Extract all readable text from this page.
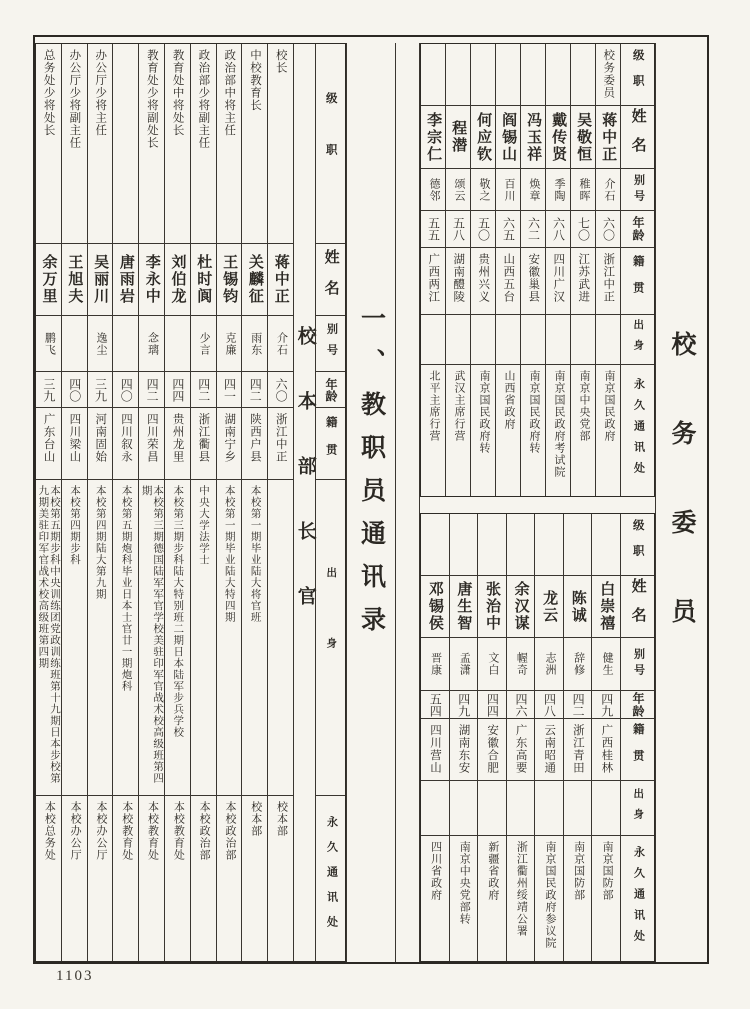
级职
姓名
别号
年龄
籍贯
出身
永久通讯处
校本部长官
校长
蒋中正
介石
六〇
浙江中正
校本部
中校教育长
关麟征
雨东
四二
陕西户县
本校第一期毕业陆大将官班
校本部
政治部中将主任
王锡钧
克廉
四一
湖南宁乡
本校第一期毕业陆大特四期
本校政治部
政治部少将副主任
杜时阆
少言
四二
浙江衢县
中央大学法学士
本校政治部
教育处中将处长
刘伯龙
四四
贵州龙里
本校第三期步科陆大特别班二期日本陆军步兵学校
本校教育处
教育处少将副处长
李永中
念璃
四二
四川荣昌
本校第三期德国陆军军官学校美驻印军官战术校高级班第四期
本校教育处
唐雨岩
四〇
四川叙永
本校第五期炮科毕业日本士官廿一期炮科
本校教育处
办公厅少将主任
吴丽川
逸尘
三九
河南固始
本校第四期陆大第九期
本校办公厅
办公厅少将副主任
王旭夫
四〇
四川梁山
本校第四期步科
本校办公厅
总务处少将处长
余万里
鹏飞
三九
广东台山
本校第五期步科中央训练团党政训练班第十九期日本步校第九期美驻印军官战术校高级班第四期
本校总务处
一、教职员通讯录
级职
姓名
别号
年龄
籍贯
出身
永久通讯处
校务委员
蒋中正
介石
六〇
浙江中正
南京国民政府
吴敬恒
稚晖
七〇
江苏武进
南京中央党部
戴传贤
季陶
六八
四川广汉
南京国民政府考试院
冯玉祥
焕章
六二
安徽巢县
南京国民政府转
阎锡山
百川
六五
山西五台
山西省政府
何应钦
敬之
五〇
贵州兴义
南京国民政府转
程潜
颂云
五八
湖南醴陵
武汉主席行营
李宗仁
德邻
五五
广西两江
北平主席行营
级职
姓名
别号
年龄
籍贯
出身
永久通讯处
白崇禧
健生
四九
广西桂林
南京国防部
陈诚
辞修
四二
浙江青田
南京国防部
龙云
志洲
四八
云南昭通
南京国民政府参议院
余汉谋
幄奇
四六
广东高要
浙江衢州绥靖公署
张治中
文白
四四
安徽合肥
新疆省政府
唐生智
孟潇
四九
湖南东安
南京中央党部转
邓锡侯
晋康
五四
四川营山
四川省政府
校务委员
1103
